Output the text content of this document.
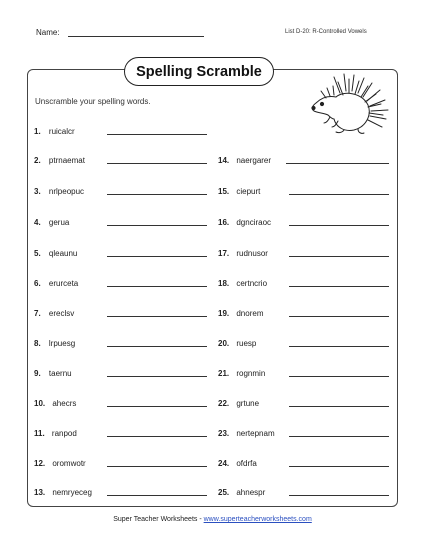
Name:	List D-20: R-Controlled Vowels
Spelling Scramble
Unscramble your spelling words.
1. ruicalcr
2. ptrnaemat
3. nrlpeopuc
4. gerua
5. qleaunu
6. erurceta
7. ereclsv
8. lrpuesg
9. taernu
10. ahecrs
11. ranpod
12. oromwotr
13. nemryeceg
14. naergarer
15. ciepurt
16. dgnciraoc
17. rudnusor
18. certncrio
19. dnorem
20. ruesp
21. rognmin
22. grtune
23. nertepnam
24. ofdrfa
25. ahnespr
Super Teacher Worksheets - www.superteacherworksheets.com
